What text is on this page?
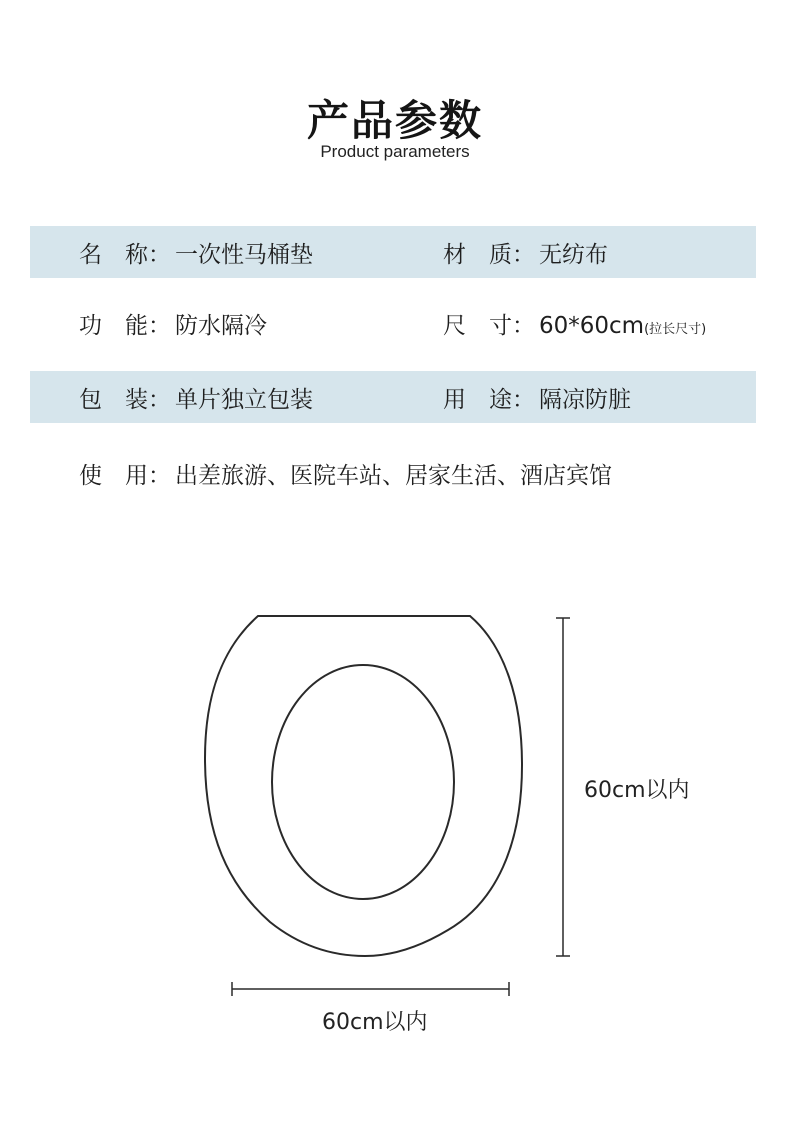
产品参数
Product parameters
名　称： 一次性马桶垫	材　质： 无纺布
功　能： 防水隔冷	尺　寸： 60*60cm (拉长尺寸)
包　装： 单片独立包装	用　途： 隔凉防脏
使　用： 出差旅游、医院车站、居家生活、酒店宾馆
60cm以内
60cm以内
